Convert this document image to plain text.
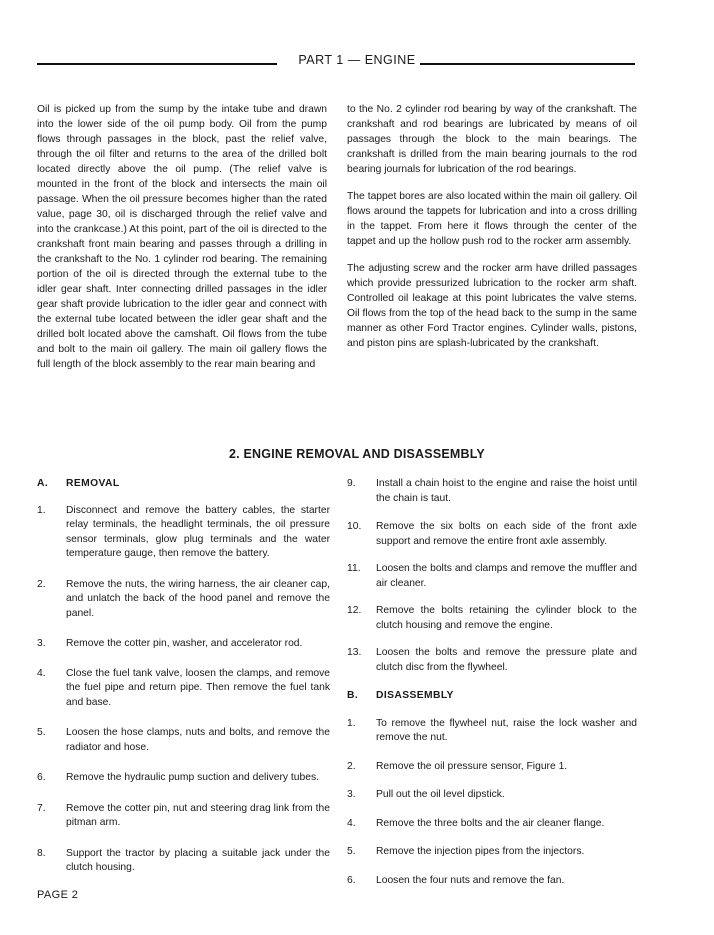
PART 1 — ENGINE

Oil is picked up from the sump by the intake tube and drawn into the lower side of the oil pump body. Oil from the pump flows through passages in the block, past the relief valve, through the oil filter and returns to the area of the drilled bolt located directly above the oil pump. (The relief valve is mounted in the front of the block and intersects the main oil passage. When the oil pressure becomes higher than the rated value, page 30, oil is discharged through the relief valve and into the crankcase.) At this point, part of the oil is directed to the crankshaft front main bearing and passes through a drilling in the crankshaft to the No. 1 cylinder rod bearing. The remaining portion of the oil is directed through the external tube to the idler gear shaft. Inter connecting drilled passages in the idler gear shaft provide lubrication to the idler gear and connect with the external tube located between the idler gear shaft and the drilled bolt located above the camshaft. Oil flows from the tube and bolt to the main oil gallery. The main oil gallery flows the full length of the block assembly to the rear main bearing and

to the No. 2 cylinder rod bearing by way of the crankshaft. The crankshaft and rod bearings are lubricated by means of oil passages through the block to the main bearings. The crankshaft is drilled from the main bearing journals to the rod bearing journals for lubrication of the rod bearings.

The tappet bores are also located within the main oil gallery. Oil flows around the tappets for lubrication and into a cross drilling in the tappet. From here it flows through the center of the tappet and up the hollow push rod to the rocker arm assembly.

The adjusting screw and the rocker arm have drilled passages which provide pressurized lubrication to the rocker arm shaft. Controlled oil leakage at this point lubricates the valve stems. Oil flows from the top of the head back to the sump in the same manner as other Ford Tractor engines. Cylinder walls, pistons, and piston pins are splash-lubricated by the crankshaft.

2. ENGINE REMOVAL AND DISASSEMBLY
A.	REMOVAL
1.	Disconnect and remove the battery cables, the starter relay terminals, the headlight terminals, the oil pressure sensor terminals, glow plug terminals and the water temperature gauge, then remove the battery.
2.	Remove the nuts, the wiring harness, the air cleaner cap, and unlatch the back of the hood panel and remove the panel.
3.	Remove the cotter pin, washer, and accelerator rod.
4.	Close the fuel tank valve, loosen the clamps, and remove the fuel pipe and return pipe. Then remove the fuel tank and base.
5.	Loosen the hose clamps, nuts and bolts, and remove the radiator and hose.
6.	Remove the hydraulic pump suction and delivery tubes.
7.	Remove the cotter pin, nut and steering drag link from the pitman arm.
8.	Support the tractor by placing a suitable jack under the clutch housing.
9.	Install a chain hoist to the engine and raise the hoist until the chain is taut.
10.	Remove the six bolts on each side of the front axle support and remove the entire front axle assembly.
11.	Loosen the bolts and clamps and remove the muffler and air cleaner.
12.	Remove the bolts retaining the cylinder block to the clutch housing and remove the engine.
13.	Loosen the bolts and remove the pressure plate and clutch disc from the flywheel.
B.	DISASSEMBLY
1.	To remove the flywheel nut, raise the lock washer and remove the nut.
2.	Remove the oil pressure sensor, Figure 1.
3.	Pull out the oil level dipstick.
4.	Remove the three bolts and the air cleaner flange.
5.	Remove the injection pipes from the injectors.
6.	Loosen the four nuts and remove the fan.
PAGE 2
